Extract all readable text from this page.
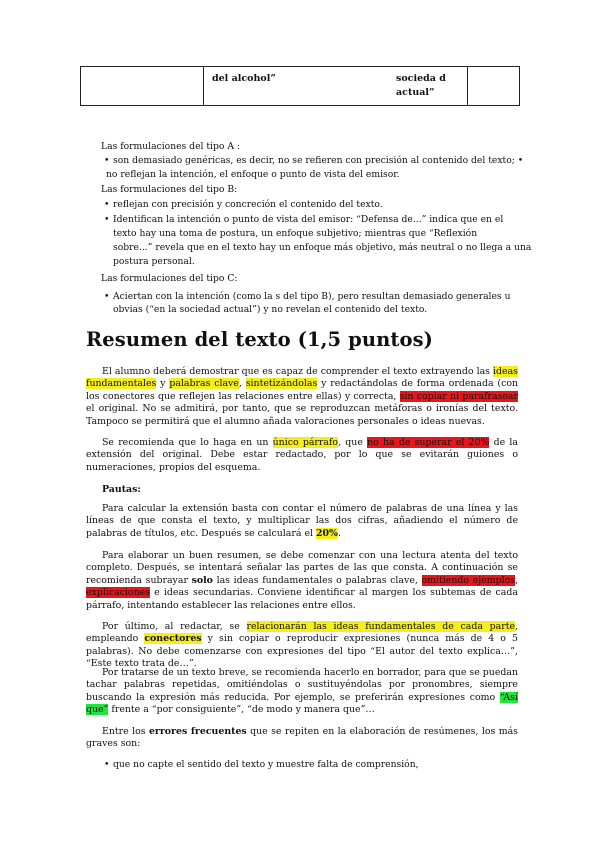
del alcohol”	socieda d
actual”
Las formulaciones del tipo A :
• son demasiado genéricas, es decir, no se refieren con precisión al contenido del texto; •
no reflejan la intención, el enfoque o punto de vista del emisor.
Las formulaciones del tipo B:
• reflejan con precisión y concreción el contenido del texto.
• Identifican la intención o punto de vista del emisor: “Defensa de...” indica que en el
texto hay una toma de postura, un enfoque subjetivo; mientras que “Reflexión
sobre...” revela que en el texto hay un enfoque más objetivo, más neutral o no llega a una
postura personal.
Las formulaciones del tipo C:
• Aciertan con la intención (como la s del tipo B), pero resultan demasiado generales u
obvias (“en la sociedad actual”) y no revelan el contenido del texto.
Resumen del texto (1,5 puntos)
El alumno deberá demostrar que es capaz de comprender el texto extrayendo las ideas fundamentales y palabras clave, sintetizándolas y redactándolas de forma ordenada (con los conectores que reflejen las relaciones entre ellas) y correcta, sin copiar ni parafrasear el original. No se admitirá, por tanto, que se reproduzcan metáforas o ironías del texto. Tampoco se permitirá que el alumno añada valoraciones personales o ideas nuevas.
Se recomienda que lo haga en un único párrafo, que no ha de superar el 20% de la extensión del original. Debe estar redactado, por lo que se evitarán guiones o numeraciones, propios del esquema.
Pautas:
Para calcular la extensión basta con contar el número de palabras de una línea y las líneas de que consta el texto, y multiplicar las dos cifras, añadiendo el número de palabras de títulos, etc. Después se calculará el 20%.
Para elaborar un buen resumen, se debe comenzar con una lectura atenta del texto completo. Después, se intentará señalar las partes de las que consta. A continuación se recomienda subrayar solo las ideas fundamentales o palabras clave, omitiendo ejemplos, explicaciones e ideas secundarias. Conviene identificar al margen los subtemas de cada párrafo, intentando establecer las relaciones entre ellos.
Por último, al redactar, se relacionarán las ideas fundamentales de cada parte, empleando conectores y sin copiar o reproducir expresiones (nunca más de 4 o 5 palabras). No debe comenzarse con expresiones del tipo “El autor del texto explica…”, “Este texto trata de…”.
Por tratarse de un texto breve, se recomienda hacerlo en borrador, para que se puedan tachar palabras repetidas, omitiéndolas o sustituyéndolas por pronombres, siempre buscando la expresión más reducida. Por ejemplo, se preferirán expresiones como “Así que” frente a “por consiguiente”, “de modo y manera que”…
Entre los errores frecuentes que se repiten en la elaboración de resúmenes, los más graves son:
• que no capte el sentido del texto y muestre falta de comprensión,
